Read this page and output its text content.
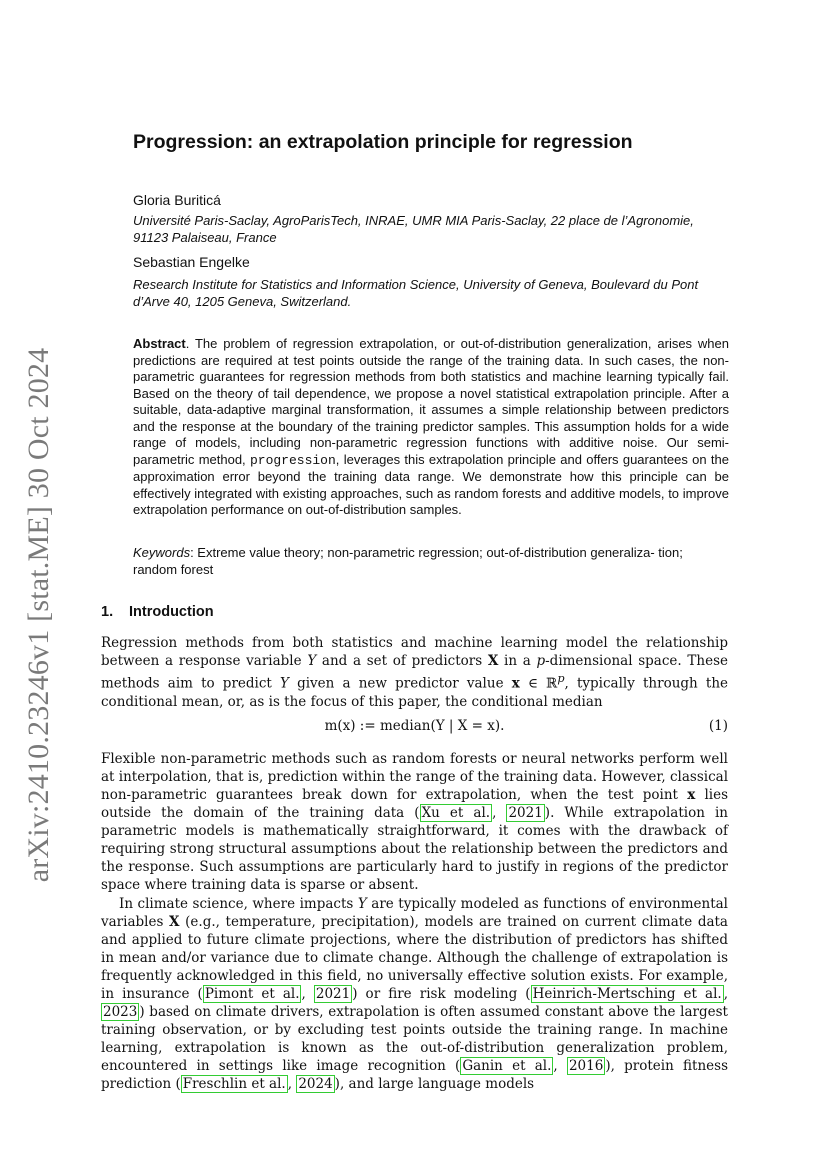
arXiv:2410.23246v1 [stat.ME] 30 Oct 2024
Progression: an extrapolation principle for regression
Gloria Buriticá
Université Paris-Saclay, AgroParisTech, INRAE, UMR MIA Paris-Saclay, 22 place de l’Agronomie,
91123 Palaiseau, France
Sebastian Engelke
Research Institute for Statistics and Information Science, University of Geneva, Boulevard du Pont
d’Arve 40, 1205 Geneva, Switzerland.
Abstract. The problem of regression extrapolation, or out-of-distribution generalization, arises when predictions are required at test points outside the range of the training data. In such cases, the non-parametric guarantees for regression methods from both statistics and machine learning typically fail. Based on the theory of tail dependence, we propose a novel statistical extrapolation principle. After a suitable, data-adaptive marginal transformation, it assumes a simple relationship between predictors and the response at the boundary of the training predictor samples. This assumption holds for a wide range of models, including non-parametric regression functions with additive noise. Our semi-parametric method, progression, leverages this extrapolation principle and offers guarantees on the approximation error beyond the training data range. We demonstrate how this principle can be effectively integrated with existing approaches, such as random forests and additive models, to improve extrapolation performance on out-of-distribution samples.
Keywords: Extreme value theory; non-parametric regression; out-of-distribution generaliza- tion; random forest
1. Introduction
Regression methods from both statistics and machine learning model the relationship between a response variable Y and a set of predictors X in a p-dimensional space. These methods aim to predict Y given a new predictor value x ∈ ℝ$^p$, typically through the conditional mean, or, as is the focus of this paper, the conditional median
m(x) := median(Y | X = x).	(1)
Flexible non-parametric methods such as random forests or neural networks perform well at interpolation, that is, prediction within the range of the training data. However, classical non-parametric guarantees break down for extrapolation, when the test point x lies outside the domain of the training data ( Xu et al. , 2021 ). While extrapolation in parametric models is mathematically straightforward, it comes with the drawback of requiring strong structural assumptions about the relationship between the predictors and the response. Such assumptions are particularly hard to justify in regions of the predictor space where training data is sparse or absent.
In climate science, where impacts Y are typically modeled as functions of environmental variables X (e.g., temperature, precipitation), models are trained on current climate data and applied to future climate projections, where the distribution of predictors has shifted in mean and/or variance due to climate change. Although the challenge of extrapolation is frequently acknowledged in this field, no universally effective solution exists. For example, in insurance ( Pimont et al. , 2021 ) or fire risk modeling ( Heinrich-Mertsching et al. , 2023 ) based on climate drivers, extrapolation is often assumed constant above the largest training observation, or by excluding test points outside the training range. In machine learning, extrapolation is known as the out-of-distribution generalization problem, encountered in settings like image recognition ( Ganin et al. , 2016 ), protein fitness prediction ( Freschlin et al. , 2024 ), and large language models
